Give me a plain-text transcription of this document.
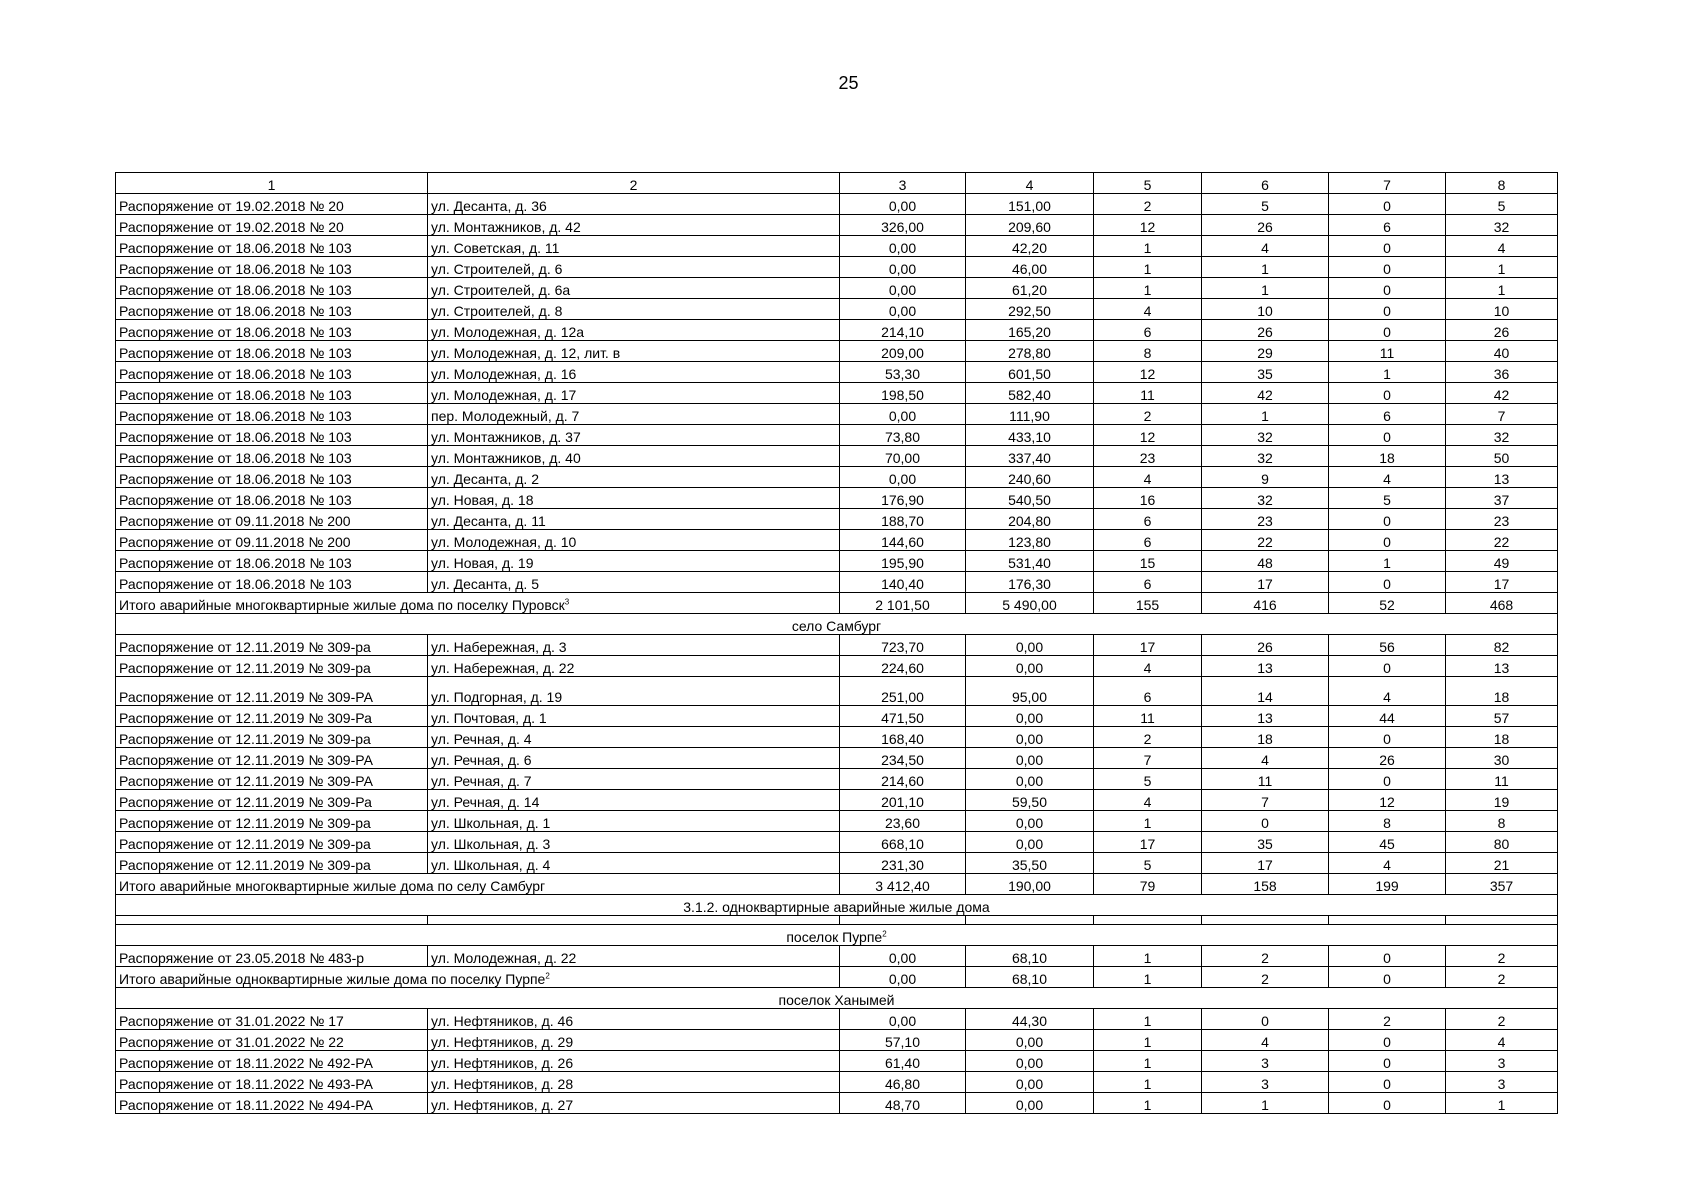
25
1	2	3	4	5	6	7	8
Распоряжение от 19.02.2018 № 20	ул. Десанта, д. 36	0,00	151,00	2	5	0	5
Распоряжение от 19.02.2018 № 20	ул. Монтажников, д. 42	326,00	209,60	12	26	6	32
Распоряжение от 18.06.2018 № 103	ул. Советская, д. 11	0,00	42,20	1	4	0	4
Распоряжение от 18.06.2018 № 103	ул. Строителей, д. 6	0,00	46,00	1	1	0	1
Распоряжение от 18.06.2018 № 103	ул. Строителей, д. 6а	0,00	61,20	1	1	0	1
Распоряжение от 18.06.2018 № 103	ул. Строителей, д. 8	0,00	292,50	4	10	0	10
Распоряжение от 18.06.2018 № 103	ул. Молодежная, д. 12а	214,10	165,20	6	26	0	26
Распоряжение от 18.06.2018 № 103	ул. Молодежная, д. 12, лит. в	209,00	278,80	8	29	11	40
Распоряжение от 18.06.2018 № 103	ул. Молодежная, д. 16	53,30	601,50	12	35	1	36
Распоряжение от 18.06.2018 № 103	ул. Молодежная, д. 17	198,50	582,40	11	42	0	42
Распоряжение от 18.06.2018 № 103	пер. Молодежный, д. 7	0,00	111,90	2	1	6	7
Распоряжение от 18.06.2018 № 103	ул. Монтажников, д. 37	73,80	433,10	12	32	0	32
Распоряжение от 18.06.2018 № 103	ул. Монтажников, д. 40	70,00	337,40	23	32	18	50
Распоряжение от 18.06.2018 № 103	ул. Десанта, д. 2	0,00	240,60	4	9	4	13
Распоряжение от 18.06.2018 № 103	ул. Новая, д. 18	176,90	540,50	16	32	5	37
Распоряжение от 09.11.2018 № 200	ул. Десанта, д. 11	188,70	204,80	6	23	0	23
Распоряжение от 09.11.2018 № 200	ул. Молодежная, д. 10	144,60	123,80	6	22	0	22
Распоряжение от 18.06.2018 № 103	ул. Новая, д. 19	195,90	531,40	15	48	1	49
Распоряжение от 18.06.2018 № 103	ул. Десанта, д. 5	140,40	176,30	6	17	0	17
Итого аварийные многоквартирные жилые дома по поселку Пуровск$^3$		2 101,50	5 490,00	155	416	52	468
село Самбург							
Распоряжение от 12.11.2019 № 309-ра	ул. Набережная, д. 3	723,70	0,00	17	26	56	82
Распоряжение от 12.11.2019 № 309-ра	ул. Набережная, д. 22	224,60	0,00	4	13	0	13
Распоряжение от 12.11.2019 № 309-РА	ул. Подгорная, д. 19	251,00	95,00	6	14	4	18
Распоряжение от 12.11.2019 № 309-Ра	ул. Почтовая, д. 1	471,50	0,00	11	13	44	57
Распоряжение от 12.11.2019 № 309-ра	ул. Речная, д. 4	168,40	0,00	2	18	0	18
Распоряжение от 12.11.2019 № 309-РА	ул. Речная, д. 6	234,50	0,00	7	4	26	30
Распоряжение от 12.11.2019 № 309-РА	ул. Речная, д. 7	214,60	0,00	5	11	0	11
Распоряжение от 12.11.2019 № 309-Ра	ул. Речная, д. 14	201,10	59,50	4	7	12	19
Распоряжение от 12.11.2019 № 309-ра	ул. Школьная, д. 1	23,60	0,00	1	0	8	8
Распоряжение от 12.11.2019 № 309-ра	ул. Школьная, д. 3	668,10	0,00	17	35	45	80
Распоряжение от 12.11.2019 № 309-ра	ул. Школьная, д. 4	231,30	35,50	5	17	4	21
Итого аварийные многоквартирные жилые дома по селу Самбург		3 412,40	190,00	79	158	199	357
3.1.2. одноквартирные аварийные жилые дома							

поселок Пурпе$^2$
Распоряжение от 23.05.2018 № 483-р	ул. Молодежная, д. 22	0,00	68,10	1	2	0	2
Итого аварийные одноквартирные жилые дома по поселку Пурпе$^2$		0,00	68,10	1	2	0	2
поселок Ханымей							
Распоряжение от 31.01.2022 № 17	ул. Нефтяников, д. 46	0,00	44,30	1	0	2	2
Распоряжение от 31.01.2022 № 22	ул. Нефтяников, д. 29	57,10	0,00	1	4	0	4
Распоряжение от 18.11.2022 № 492-РА	ул. Нефтяников, д. 26	61,40	0,00	1	3	0	3
Распоряжение от 18.11.2022 № 493-РА	ул. Нефтяников, д. 28	46,80	0,00	1	3	0	3
Распоряжение от 18.11.2022 № 494-РА	ул. Нефтяников, д. 27	48,70	0,00	1	1	0	1
